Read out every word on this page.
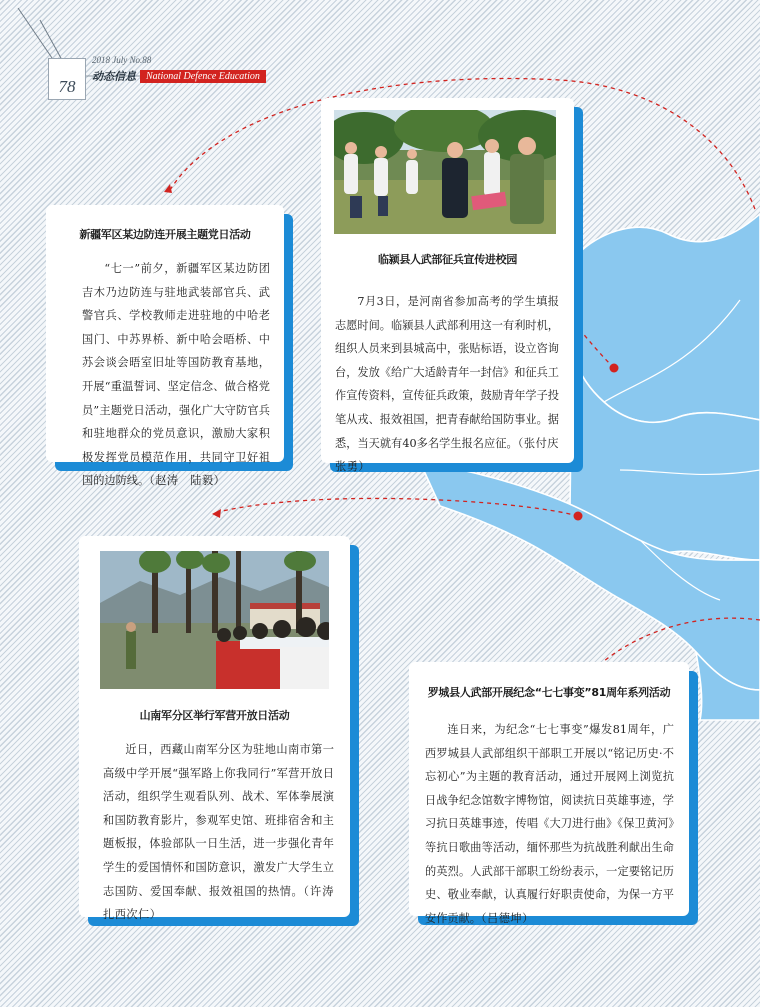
78
2018 July No.88
动态信息	National Defence Education
新疆军区某边防连开展主题党日活动

“七一”前夕，新疆军区某边防团吉木乃边防连与驻地武装部官兵、武警官兵、学校教师走进驻地的中哈老国门、中苏界桥、新中哈会晤桥、中苏会谈会晤室旧址等国防教育基地，开展“重温誓词、坚定信念、做合格党员”主题党日活动，强化广大守防官兵和驻地群众的党员意识，激励大家积极发挥党员模范作用，共同守卫好祖国的边防线。（赵涛　陆毅）

临颍县人武部征兵宣传进校园

7月3日，是河南省参加高考的学生填报志愿时间。临颍县人武部利用这一有利时机，组织人员来到县城高中，张贴标语，设立咨询台，发放《给广大适龄青年一封信》和征兵工作宣传资料，宣传征兵政策，鼓励青年学子投笔从戎、报效祖国，把青春献给国防事业。据悉，当天就有40多名学生报名应征。（张付庆　张勇）

山南军分区举行军营开放日活动

近日，西藏山南军分区为驻地山南市第一高级中学开展“强军路上你我同行”军营开放日活动，组织学生观看队列、战术、军体拳展演和国防教育影片，参观军史馆、班排宿舍和主题板报，体验部队一日生活，进一步强化青年学生的爱国情怀和国防意识，激发广大学生立志国防、爱国奉献、报效祖国的热情。（许涛　扎西次仁）

罗城县人武部开展纪念“七七事变”81周年系列活动

连日来，为纪念“七七事变”爆发81周年，广西罗城县人武部组织干部职工开展以“铭记历史·不忘初心”为主题的教育活动，通过开展网上浏览抗日战争纪念馆数字博物馆，阅读抗日英雄事迹，学习抗日英雄事迹，传唱《大刀进行曲》《保卫黄河》等抗日歌曲等活动，缅怀那些为抗战胜利献出生命的英烈。人武部干部职工纷纷表示，一定要铭记历史、敬业奉献，认真履行好职责使命，为保一方平安作贡献。（吕德坤）
